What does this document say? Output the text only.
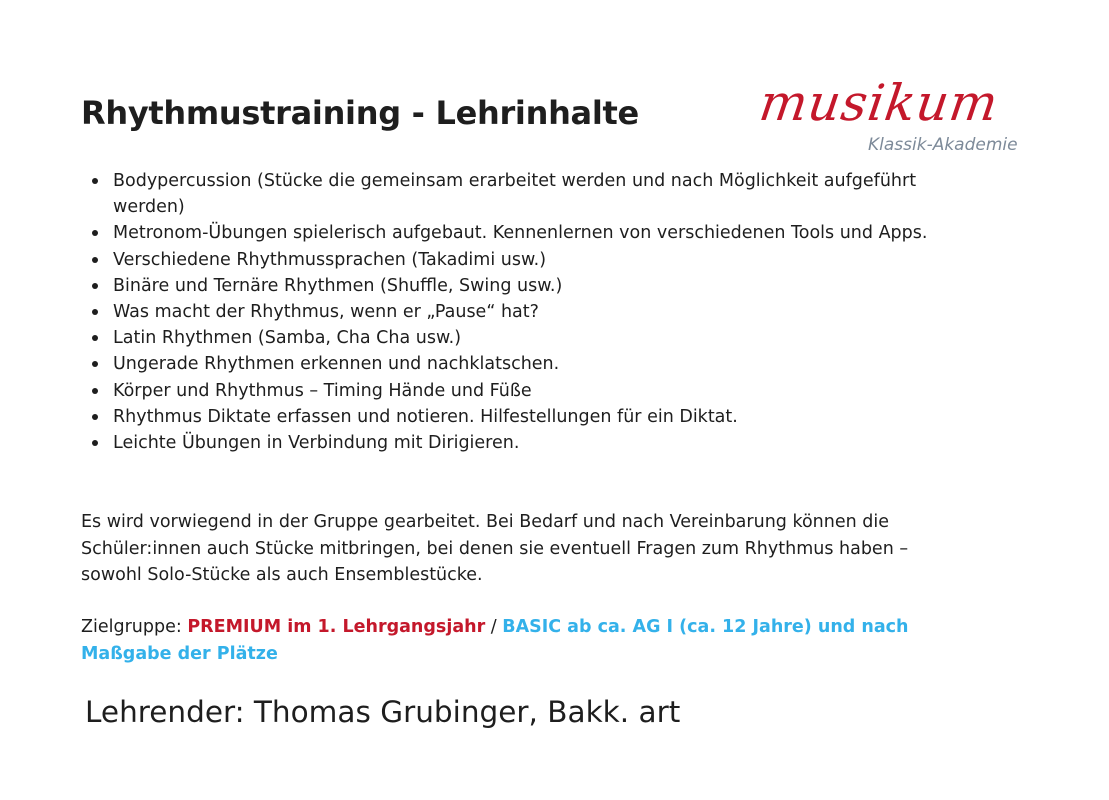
Rhythmustraining - Lehrinhalte musikum
Klassik-Akademie
Bodypercussion (Stücke die gemeinsam erarbeitet werden und nach Möglichkeit aufgeführt werden)
Metronom-Übungen spielerisch aufgebaut. Kennenlernen von verschiedenen Tools und Apps.
Verschiedene Rhythmussprachen (Takadimi usw.)
Binäre und Ternäre Rhythmen (Shuffle, Swing usw.)
Was macht der Rhythmus, wenn er „Pause“ hat?
Latin Rhythmen (Samba, Cha Cha usw.)
Ungerade Rhythmen erkennen und nachklatschen.
Körper und Rhythmus – Timing Hände und Füße
Rhythmus Diktate erfassen und notieren. Hilfestellungen für ein Diktat.
Leichte Übungen in Verbindung mit Dirigieren.

Es wird vorwiegend in der Gruppe gearbeitet. Bei Bedarf und nach Vereinbarung können die Schüler:innen auch Stücke mitbringen, bei denen sie eventuell Fragen zum Rhythmus haben – sowohl Solo-Stücke als auch Ensemblestücke.

Zielgruppe: PREMIUM im 1. Lehrgangsjahr / BASIC ab ca. AG I (ca. 12 Jahre) und nach Maßgabe der Plätze

Lehrender: Thomas Grubinger, Bakk. art
